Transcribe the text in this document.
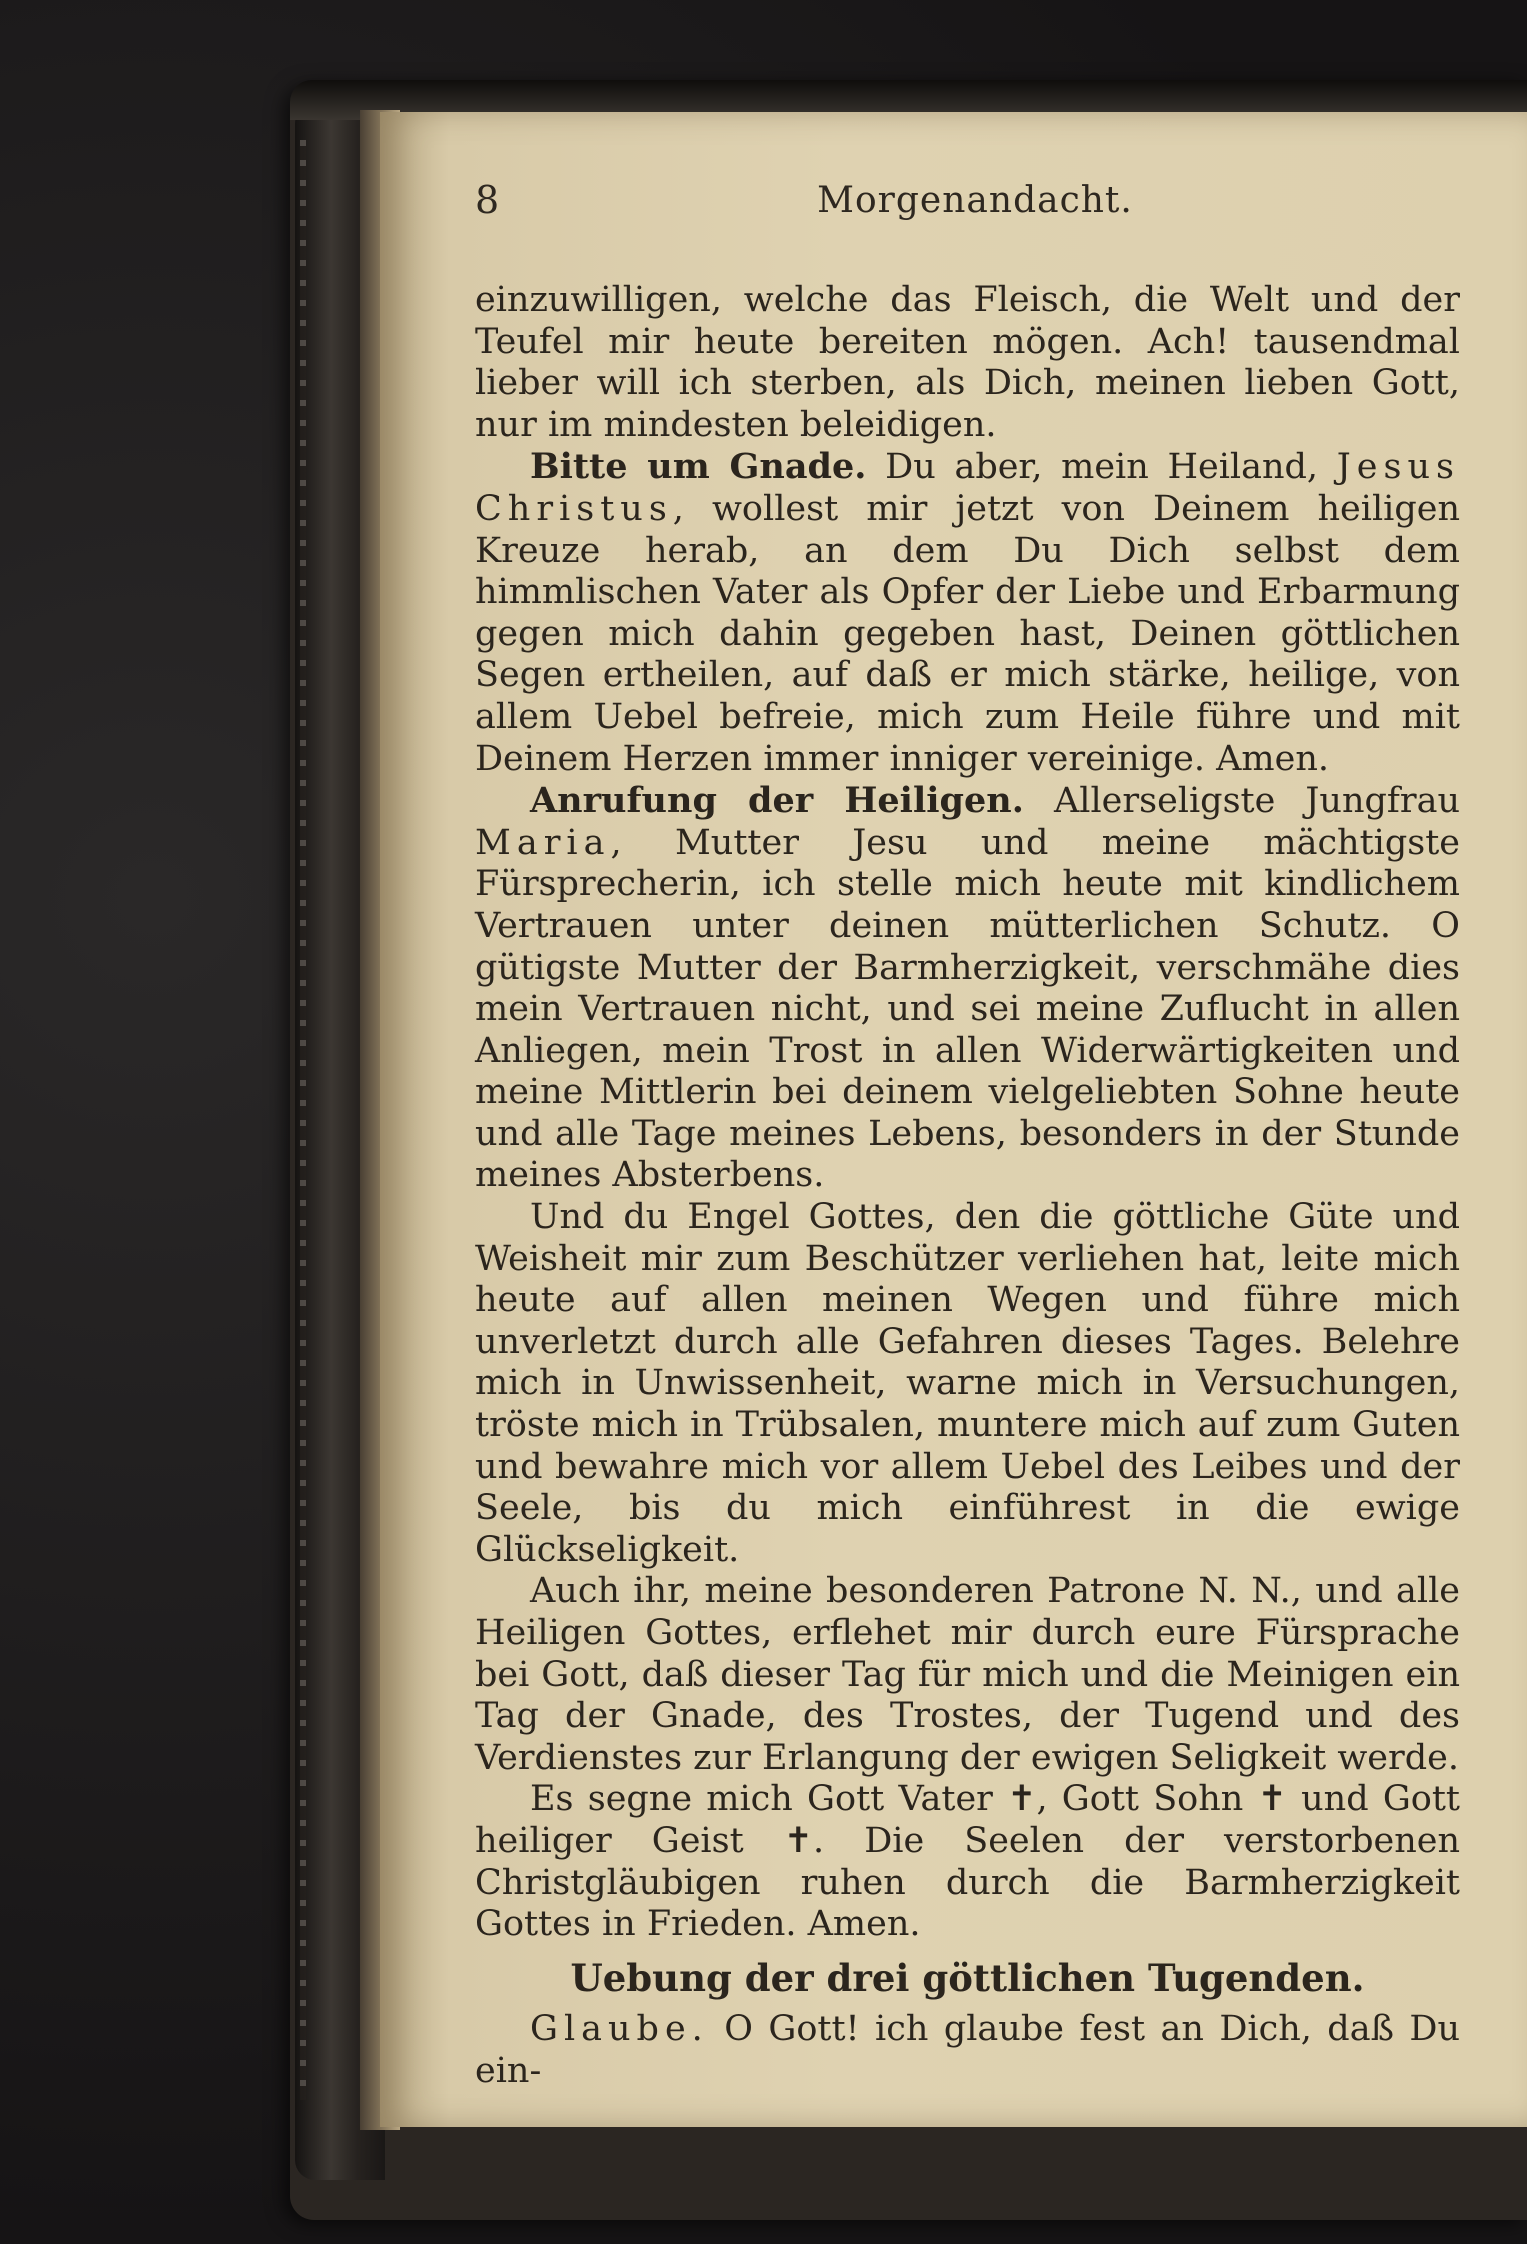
8	Morgenandacht.

einzuwilligen, welche das Fleisch, die Welt und der Teufel mir heute bereiten mögen. Ach! tausendmal lieber will ich sterben, als Dich, meinen lieben Gott, nur im mindesten beleidigen.

Bitte um Gnade. Du aber, mein Heiland, Jesus Christus, wollest mir jetzt von Deinem heiligen Kreuze herab, an dem Du Dich selbst dem himmlischen Vater als Opfer der Liebe und Erbarmung gegen mich dahin gegeben hast, Deinen göttlichen Segen ertheilen, auf daß er mich stärke, heilige, von allem Uebel befreie, mich zum Heile führe und mit Deinem Herzen immer inniger vereinige. Amen.

Anrufung der Heiligen. Allerseligste Jungfrau Maria, Mutter Jesu und meine mächtigste Fürsprecherin, ich stelle mich heute mit kindlichem Vertrauen unter deinen mütterlichen Schutz. O gütigste Mutter der Barmherzigkeit, verschmähe dies mein Vertrauen nicht, und sei meine Zuflucht in allen Anliegen, mein Trost in allen Widerwärtigkeiten und meine Mittlerin bei deinem vielgeliebten Sohne heute und alle Tage meines Lebens, besonders in der Stunde meines Absterbens.

Und du Engel Gottes, den die göttliche Güte und Weisheit mir zum Beschützer verliehen hat, leite mich heute auf allen meinen Wegen und führe mich unverletzt durch alle Gefahren dieses Tages. Belehre mich in Unwissenheit, warne mich in Versuchungen, tröste mich in Trübsalen, muntere mich auf zum Guten und bewahre mich vor allem Uebel des Leibes und der Seele, bis du mich einführest in die ewige Glückseligkeit.

Auch ihr, meine besonderen Patrone N. N., und alle Heiligen Gottes, erflehet mir durch eure Fürsprache bei Gott, daß dieser Tag für mich und die Meinigen ein Tag der Gnade, des Trostes, der Tugend und des Verdienstes zur Erlangung der ewigen Seligkeit werde.

Es segne mich Gott Vater ✝, Gott Sohn ✝ und Gott heiliger Geist ✝. Die Seelen der verstorbenen Christgläubigen ruhen durch die Barmherzigkeit Gottes in Frieden. Amen.

Uebung der drei göttlichen Tugenden.

Glaube. O Gott! ich glaube fest an Dich, daß Du ein-
